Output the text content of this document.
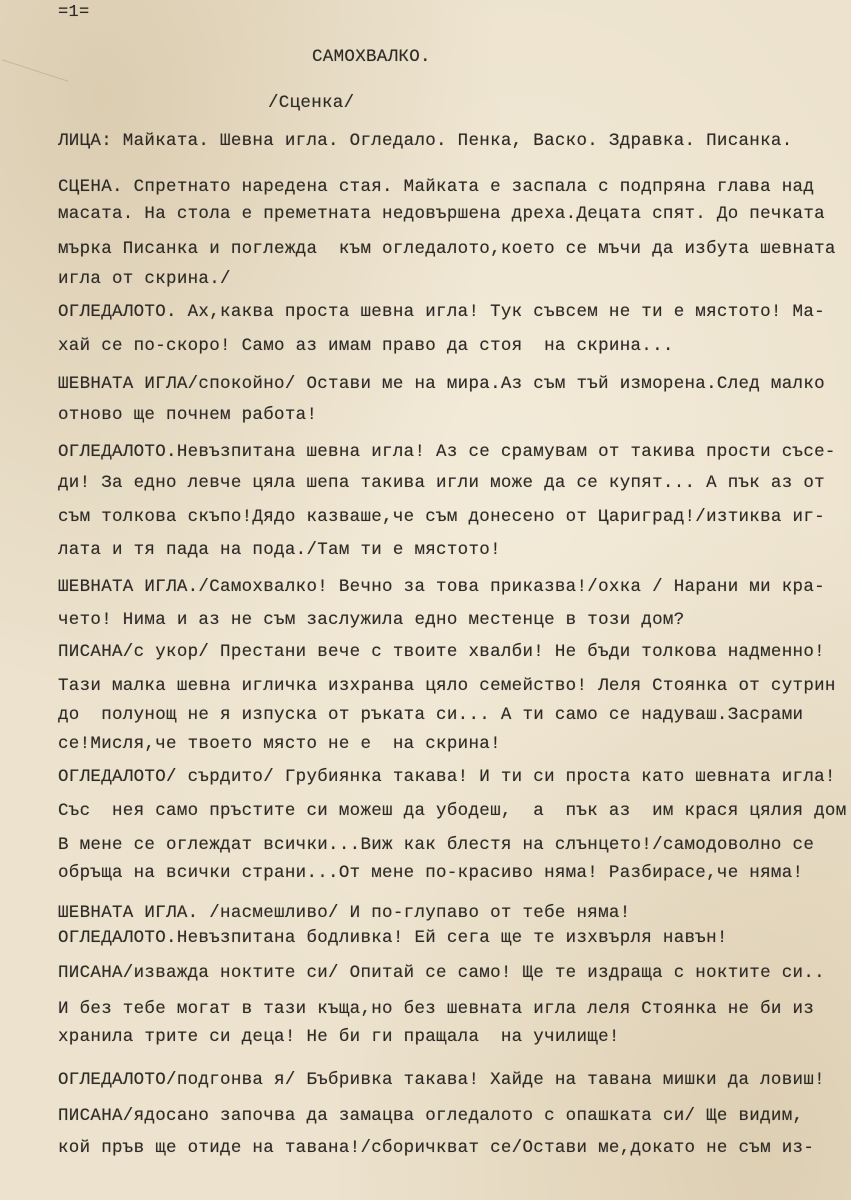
=1=

САМОХВАЛКО.

/Сценка/

ЛИЦА: Майката. Шевна игла. Огледало. Пенка, Васко. Здравка. Писанка.

СЦЕНА. Спретнато наредена стая. Майката е заспала с подпряна глава над

масата. На стола е преметната недовършена дреха.Децата спят. До печката

мърка Писанка и поглежда  към огледалото,което се мъчи да избута шевната

игла от скрина./

ОГЛЕДАЛОТО. Ах,каква проста шевна игла! Тук съвсем не ти е мястото! Ма-

хай се по-скоро! Само аз имам право да стоя  на скрина...

ШЕВНАТА ИГЛА/спокойно/ Остави ме на мира.Аз съм тъй изморена.След малко

отново ще почнем работа!

ОГЛЕДАЛОТО.Невъзпитана шевна игла! Аз се срамувам от такива прости съсе-

ди! За едно левче цяла шепа такива игли може да се купят... А пък аз от

съм толкова скъпо!Дядо казваше,че съм донесено от Цариград!/изтиква иг-

лата и тя пада на пода./Там ти е мястото!

ШЕВНАТА ИГЛА./Самохвалко! Вечно за това приказва!/охка / Нарани ми кра-

чето! Нима и аз не съм заслужила едно местенце в този дом?

ПИСАНА/с укор/ Престани вече с твоите хвалби! Не бъди толкова надменно!

Тази малка шевна игличка изхранва цяло семейство! Леля Стоянка от сутрин

до  полунощ не я изпуска от ръката си... А ти само се надуваш.Засрами

се!Мисля,че твоето място не е  на скрина!

ОГЛЕДАЛОТО/ сърдито/ Грубиянка такава! И ти си проста като шевната игла!

Със  нея само пръстите си можеш да убодеш,  а  пък аз  им крася цялия дом

В мене се оглеждат всички...Виж как блестя на слънцето!/самодоволно се

обръща на всички страни...От мене по-красиво няма! Разбирасе,че няма!

ШЕВНАТА ИГЛА. /насмешливо/ И по-глупаво от тебе няма!

ОГЛЕДАЛОТО.Невъзпитана бодливка! Ей сега ще те изхвърля навън!

ПИСАНА/изважда ноктите си/ Опитай се само! Ще те издраща с ноктите си..

И без тебе могат в тази къща,но без шевната игла леля Стоянка не би из

хранила трите си деца! Не би ги пращала  на училище!

ОГЛЕДАЛОТО/подгонва я/ Бъбривка такава! Хайде на тавана мишки да ловиш!

ПИСАНА/ядосано започва да замацва огледалото с опашката си/ Ще видим,

кой пръв ще отиде на тавана!/сборичкват се/Остави ме,докато не съм из-
